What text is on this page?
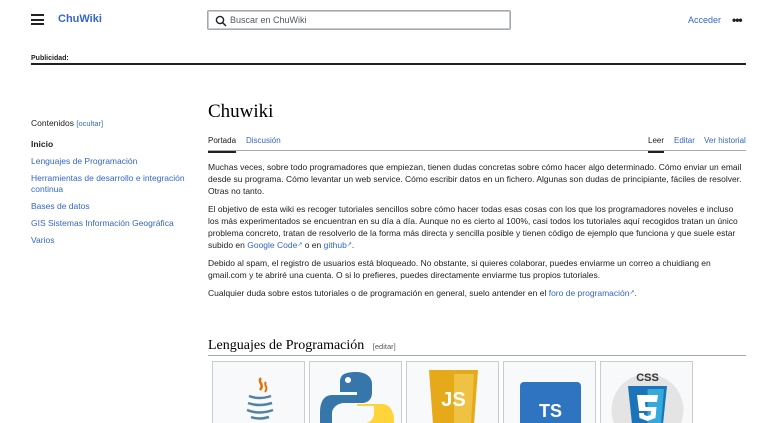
ChuWiki
Buscar en ChuWiki	Acceder •••
Publicidad:
Contenidos [ocultar]
Inicio
Lenguajes de Programación
Herramientas de desarrollo e integración continua
Bases de datos
GIS Sistemas Información Geográfica
Varios
Chuwiki
Portada Discusión	Leer Editar Ver historial

Muchas veces, sobre todo programadores que empiezan, tienen dudas concretas sobre cómo hacer algo determinado. Cómo enviar un email desde su programa. Cómo levantar un web service. Cómo escribir datos en un fichero. Algunas son dudas de principiante, fáciles de resolver. Otras no tanto.

El objetivo de esta wiki es recoger tutoriales sencillos sobre cómo hacer todas esas cosas con los que los programadores noveles e incluso los más experimentados se encuentran en su día a día. Aunque no es cierto al 100%, casi todos los tutoriales aquí recogidos tratan un único problema concreto, tratan de resolverlo de la forma más directa y sencilla posible y tienen código de ejemplo que funciona y que suele estar subido en Google Code↗ o en github↗.

Debido al spam, el registro de usuarios está bloqueado. No obstante, si quieres colaborar, puedes enviarme un correo a chuidiang en gmail.com y te abriré una cuenta. O si lo prefieres, puedes directamente enviarme tus propios tutoriales.

Cualquier duda sobre estos tutoriales o de programación en general, suelo antender en el foro de programación↗.

Lenguajes de Programación [editar]
JS	TS
CSS
